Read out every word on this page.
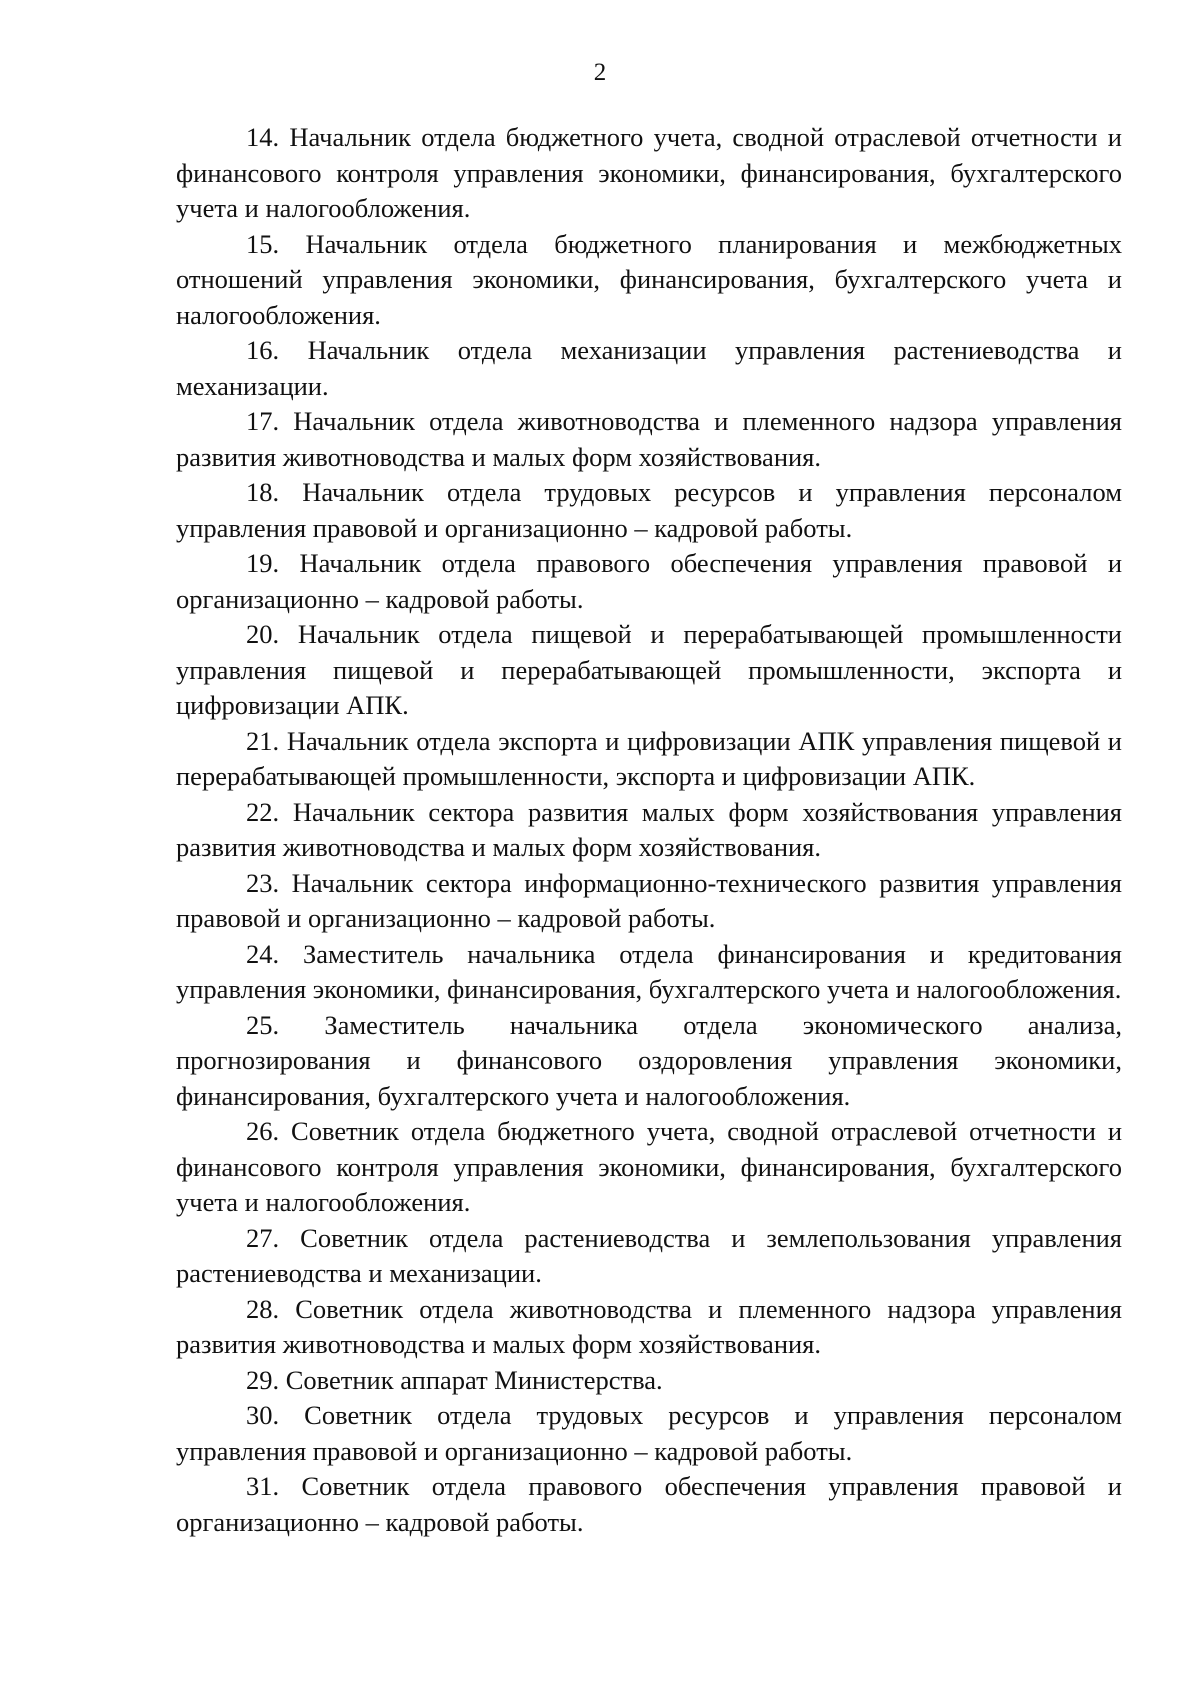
2

14. Начальник отдела бюджетного учета, сводной отраслевой отчетности и финансового контроля управления экономики, финансирования, бухгалтерского учета и налогообложения.

15. Начальник отдела бюджетного планирования и межбюджетных отношений управления экономики, финансирования, бухгалтерского учета и налогообложения.

16. Начальник отдела механизации управления растениеводства и механизации.

17. Начальник отдела животноводства и племенного надзора управления развития животноводства и малых форм хозяйствования.

18. Начальник отдела трудовых ресурсов и управления персоналом управления правовой и организационно – кадровой работы.

19. Начальник отдела правового обеспечения управления правовой и организационно – кадровой работы.

20. Начальник отдела пищевой и перерабатывающей промышленности управления пищевой и перерабатывающей промышленности, экспорта и цифровизации АПК.

21. Начальник отдела экспорта и цифровизации АПК управления пищевой и перерабатывающей промышленности, экспорта и цифровизации АПК.

22. Начальник сектора развития малых форм хозяйствования управления развития животноводства и малых форм хозяйствования.

23. Начальник сектора информационно-технического развития управления правовой и организационно – кадровой работы.

24. Заместитель начальника отдела финансирования и кредитования управления экономики, финансирования, бухгалтерского учета и налогообложения.

25. Заместитель начальника отдела экономического анализа, прогнозирования и финансового оздоровления управления экономики, финансирования, бухгалтерского учета и налогообложения.

26. Советник отдела бюджетного учета, сводной отраслевой отчетности и финансового контроля управления экономики, финансирования, бухгалтерского учета и налогообложения.

27. Советник отдела растениеводства и землепользования управления растениеводства и механизации.

28. Советник отдела животноводства и племенного надзора управления развития животноводства и малых форм хозяйствования.

29. Советник аппарат Министерства.

30. Советник отдела трудовых ресурсов и управления персоналом управления правовой и организационно – кадровой работы.

31. Советник отдела правового обеспечения управления правовой и организационно – кадровой работы.
